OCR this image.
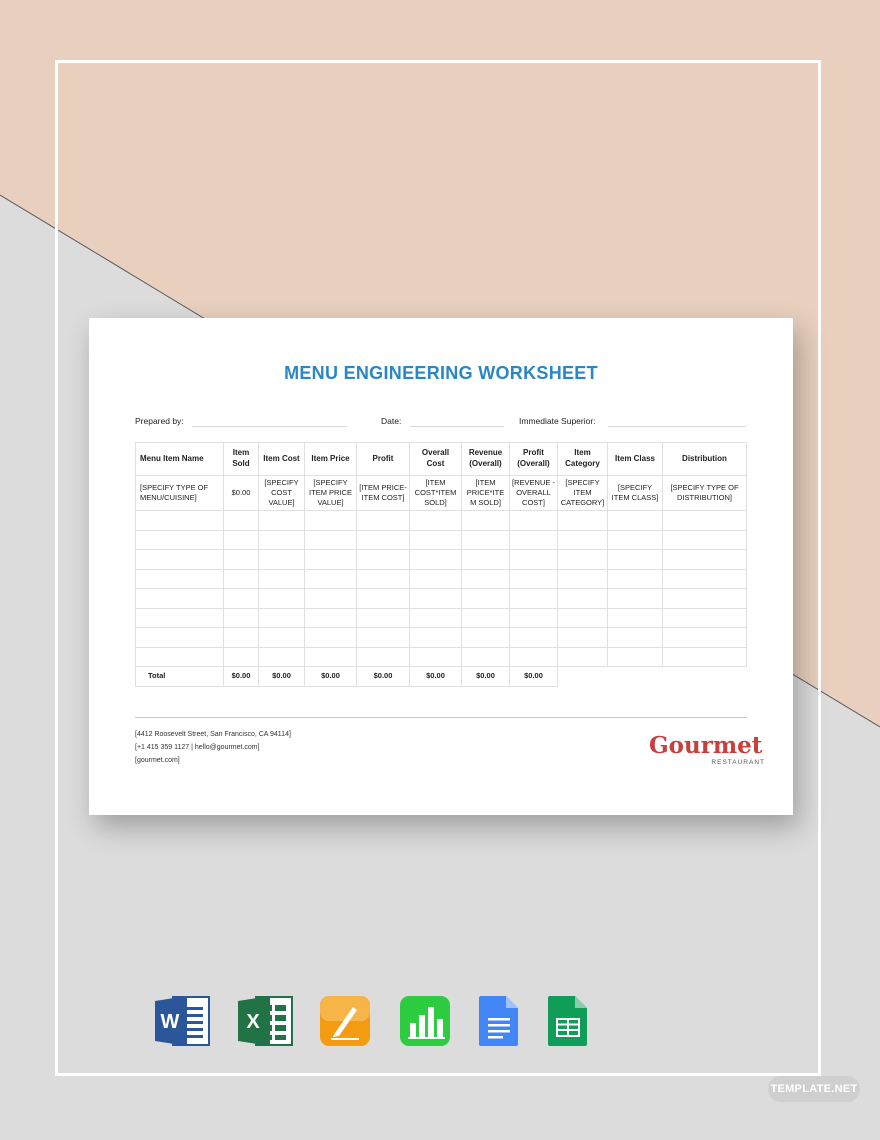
MENU ENGINEERING WORKSHEET
Prepared by:	Date:	Immediate Superior:
Menu Item Name	Item Sold	Item Cost	Item Price	Profit	Overall Cost	Revenue (Overall)	Profit (Overall)	Item Category	Item Class	Distribution
[SPECIFY TYPE OF MENU/CUISINE]	$0.00	[SPECIFY COST VALUE]	[SPECIFY ITEM PRICE VALUE]	[ITEM PRICE-ITEM COST]	[ITEM COST*ITEM SOLD]	[ITEM PRICE*ITE M SOLD]	[REVENUE -OVERALL COST]	[SPECIFY ITEM CATEGORY]	[SPECIFY ITEM CLASS]	[SPECIFY TYPE OF DISTRIBUTION]

Total	$0.00	$0.00	$0.00	$0.00	$0.00	$0.00	$0.00			
[4412 Roosevelt Street, San Francisco, CA 94114]
[+1 415 359 1127 | hello@gourmet.com]
[gourmet.com]
Gourmet
RESTAURANT
W	X
TEMPLATE.NET
